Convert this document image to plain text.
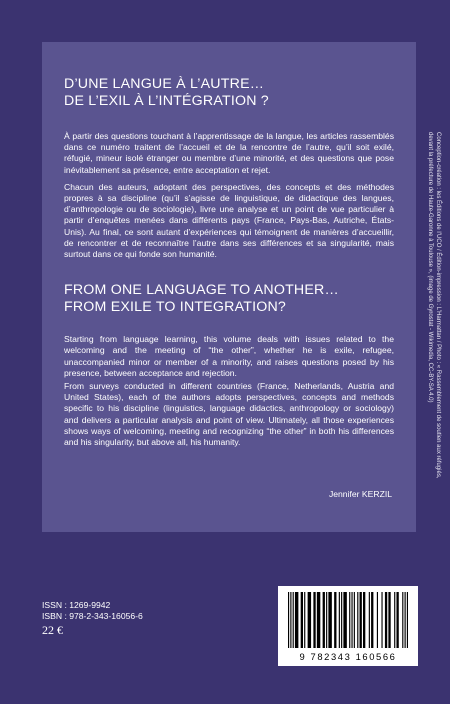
D’UNE LANGUE À L’AUTRE…
DE L’EXIL À L’INTÉGRATION ?

À partir des questions touchant à l’apprentissage de la langue, les articles rassemblés dans ce numéro traitent de l’accueil et de la rencontre de l’autre, qu’il soit exilé, réfugié, mineur isolé étranger ou membre d’une minorité, et des questions que pose inévitablement sa présence, entre acceptation et rejet.

Chacun des auteurs, adoptant des perspectives, des concepts et des méthodes propres à sa discipline (qu’il s’agisse de linguistique, de didactique des langues, d’anthropologie ou de sociologie), livre une analyse et un point de vue particulier à partir d’enquêtes menées dans différents pays (France, Pays-Bas, Autriche, États-Unis). Au final, ce sont autant d’expériences qui témoignent de manières d’accueillir, de rencontrer et de reconnaître l’autre dans ses différences et sa singularité, mais surtout dans ce qui fonde son humanité.

FROM ONE LANGUAGE TO ANOTHER…
FROM EXILE TO INTEGRATION?

Starting from language learning, this volume deals with issues related to the welcoming and the meeting of “the other”, whether he is exile, refugee, unaccompanied minor or member of a minority, and raises questions posed by his presence, between acceptance and rejection.

From surveys conducted in different countries (France, Netherlands, Austria and United States), each of the authors adopts perspectives, concepts and methods specific to his discipline (linguistics, language didactics, anthropology or sociology) and delivers a particular analysis and point of view. Ultimately, all those experiences shows ways of welcoming, meeting and recognizing “the other” in both his differences and his singularity, but above all, his humanity.

Jennifer KERZIL
Conception-création : les Éditions de l’UCO / Édition-impression : L’Harmattan / Photo : « Rassemblement de soutien aux réfugiés,
devant la préfecture de Haute-Garonne à Toulouse », (image de Gyrostat - Wikimedia, CC-BY-SA 4.0)
ISSN : 1269-9942
ISBN : 978-2-343-16056-6
22 €
9 782343 160566
